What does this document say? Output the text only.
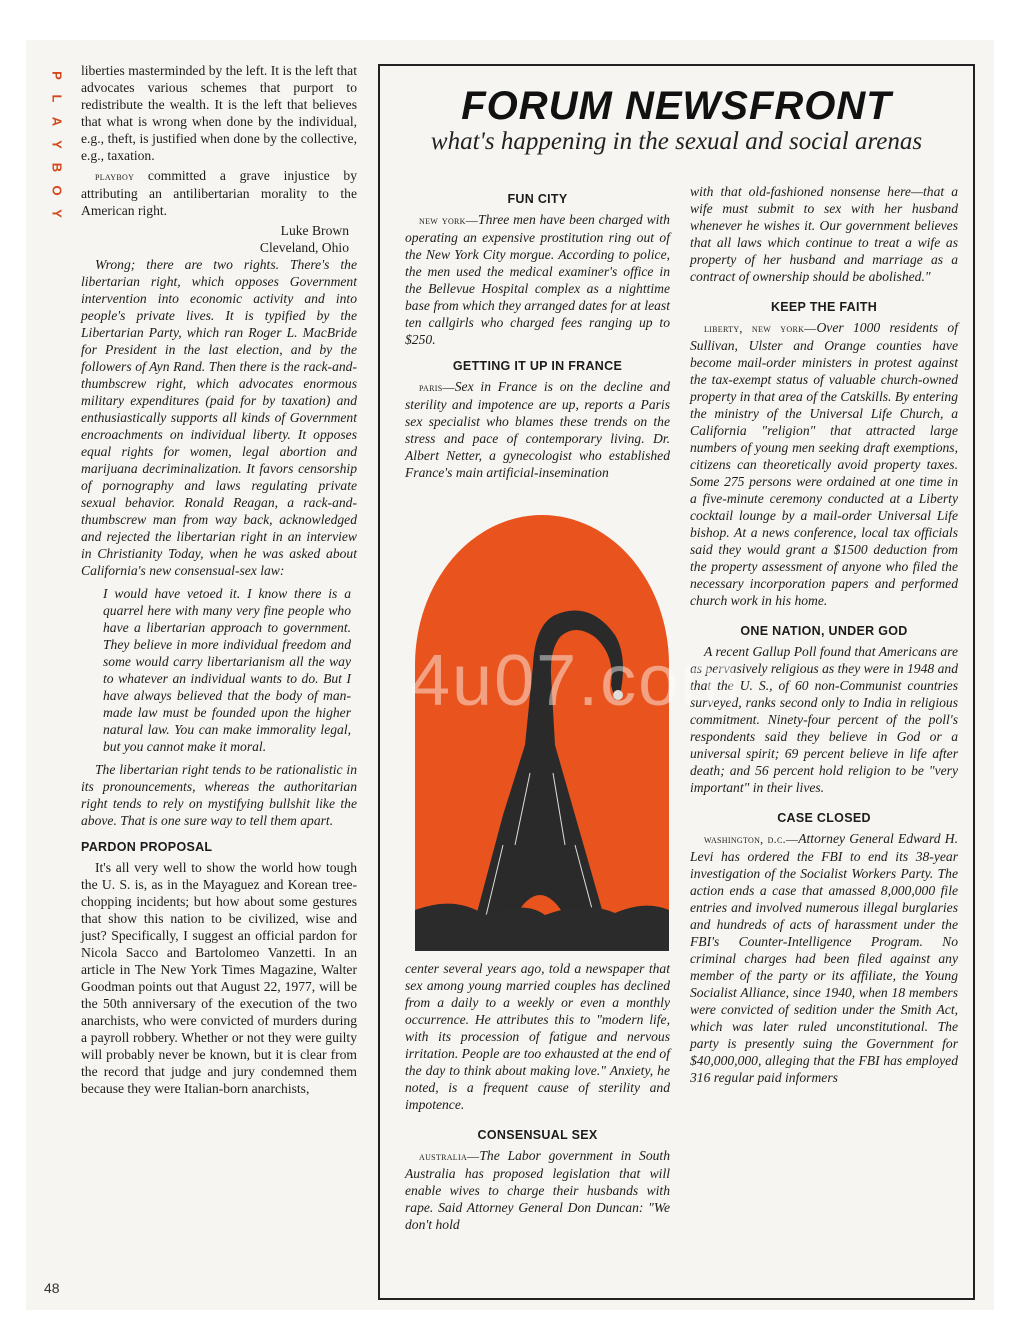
P
L
A
Y
B
O
Y
48

liberties masterminded by the left. It is the left that advocates various schemes that purport to redistribute the wealth. It is the left that believes that what is wrong when done by the individual, e.g., theft, is justified when done by the collective, e.g., taxation.

playboy committed a grave injustice by attributing an antilibertarian morality to the American right.

Luke Brown
Cleveland, Ohio

Wrong; there are two rights. There's the libertarian right, which opposes Government intervention into economic activity and into people's private lives. It is typified by the Libertarian Party, which ran Roger L. MacBride for President in the last election, and by the followers of Ayn Rand. Then there is the rack-and-thumbscrew right, which advocates enormous military expenditures (paid for by taxation) and enthusiastically supports all kinds of Government encroachments on individual liberty. It opposes equal rights for women, legal abortion and marijuana decriminalization. It favors censorship of pornography and laws regulating private sexual behavior. Ronald Reagan, a rack-and-thumbscrew man from way back, acknowledged and rejected the libertarian right in an interview in Christianity Today, when he was asked about California's new consensual-sex law:

I would have vetoed it. I know there is a quarrel here with many very fine people who have a libertarian approach to government. They believe in more individual freedom and some would carry libertarianism all the way to whatever an individual wants to do. But I have always believed that the body of man-made law must be founded upon the higher natural law. You can make immorality legal, but you cannot make it moral.

The libertarian right tends to be rationalistic in its pronouncements, whereas the authoritarian right tends to rely on mystifying bullshit like the above. That is one sure way to tell them apart.

PARDON PROPOSAL

It's all very well to show the world how tough the U. S. is, as in the Mayaguez and Korean tree-chopping incidents; but how about some gestures that show this nation to be civilized, wise and just? Specifically, I suggest an official pardon for Nicola Sacco and Bartolomeo Vanzetti. In an article in The New York Times Magazine, Walter Goodman points out that August 22, 1977, will be the 50th anniversary of the execution of the two anarchists, who were convicted of murders during a payroll robbery. Whether or not they were guilty will probably never be known, but it is clear from the record that judge and jury condemned them because they were Italian-born anarchists,

FORUM NEWSFRONT
what's happening in the sexual and social arenas
FUN CITY

new york—Three men have been charged with operating an expensive prostitution ring out of the New York City morgue. According to police, the men used the medical examiner's office in the Bellevue Hospital complex as a nighttime base from which they arranged dates for at least ten callgirls who charged fees ranging up to $250.

GETTING IT UP IN FRANCE

paris—Sex in France is on the decline and sterility and impotence are up, reports a Paris sex specialist who blames these trends on the stress and pace of contemporary living. Dr. Albert Netter, a gynecologist who established France's main artificial-insemination

center several years ago, told a newspaper that sex among young married couples has declined from a daily to a weekly or even a monthly occurrence. He attributes this to "modern life, with its procession of fatigue and nervous irritation. People are too exhausted at the end of the day to think about making love." Anxiety, he noted, is a frequent cause of sterility and impotence.

CONSENSUAL SEX

australia—The Labor government in South Australia has proposed legislation that will enable wives to charge their husbands with rape. Said Attorney General Don Duncan: "We don't hold

with that old-fashioned nonsense here—that a wife must submit to sex with her husband whenever he wishes it. Our government believes that all laws which continue to treat a wife as property of her husband and marriage as a contract of ownership should be abolished."

KEEP THE FAITH

liberty, new york—Over 1000 residents of Sullivan, Ulster and Orange counties have become mail-order ministers in protest against the tax-exempt status of valuable church-owned property in that area of the Catskills. By entering the ministry of the Universal Life Church, a California "religion" that attracted large numbers of young men seeking draft exemptions, citizens can theoretically avoid property taxes. Some 275 persons were ordained at one time in a five-minute ceremony conducted at a Liberty cocktail lounge by a mail-order Universal Life bishop. At a news conference, local tax officials said they would grant a $1500 deduction from the property assessment of anyone who filed the necessary incorporation papers and performed church work in his home.

ONE NATION, UNDER GOD

A recent Gallup Poll found that Americans are as pervasively religious as they were in 1948 and that the U. S., of 60 non-Communist countries surveyed, ranks second only to India in religious commitment. Ninety-four percent of the poll's respondents said they believe in God or a universal spirit; 69 percent believe in life after death; and 56 percent hold religion to be "very important" in their lives.

CASE CLOSED

washington, d.c.—Attorney General Edward H. Levi has ordered the FBI to end its 38-year investigation of the Socialist Workers Party. The action ends a case that amassed 8,000,000 file entries and involved numerous illegal burglaries and hundreds of acts of harassment under the FBI's Counter-Intelligence Program. No criminal charges had been filed against any member of the party or its affiliate, the Young Socialist Alliance, since 1940, when 18 members were convicted of sedition under the Smith Act, which was later ruled unconstitutional. The party is presently suing the Government for $40,000,000, alleging that the FBI has employed 316 regular paid informers

4u07.com
